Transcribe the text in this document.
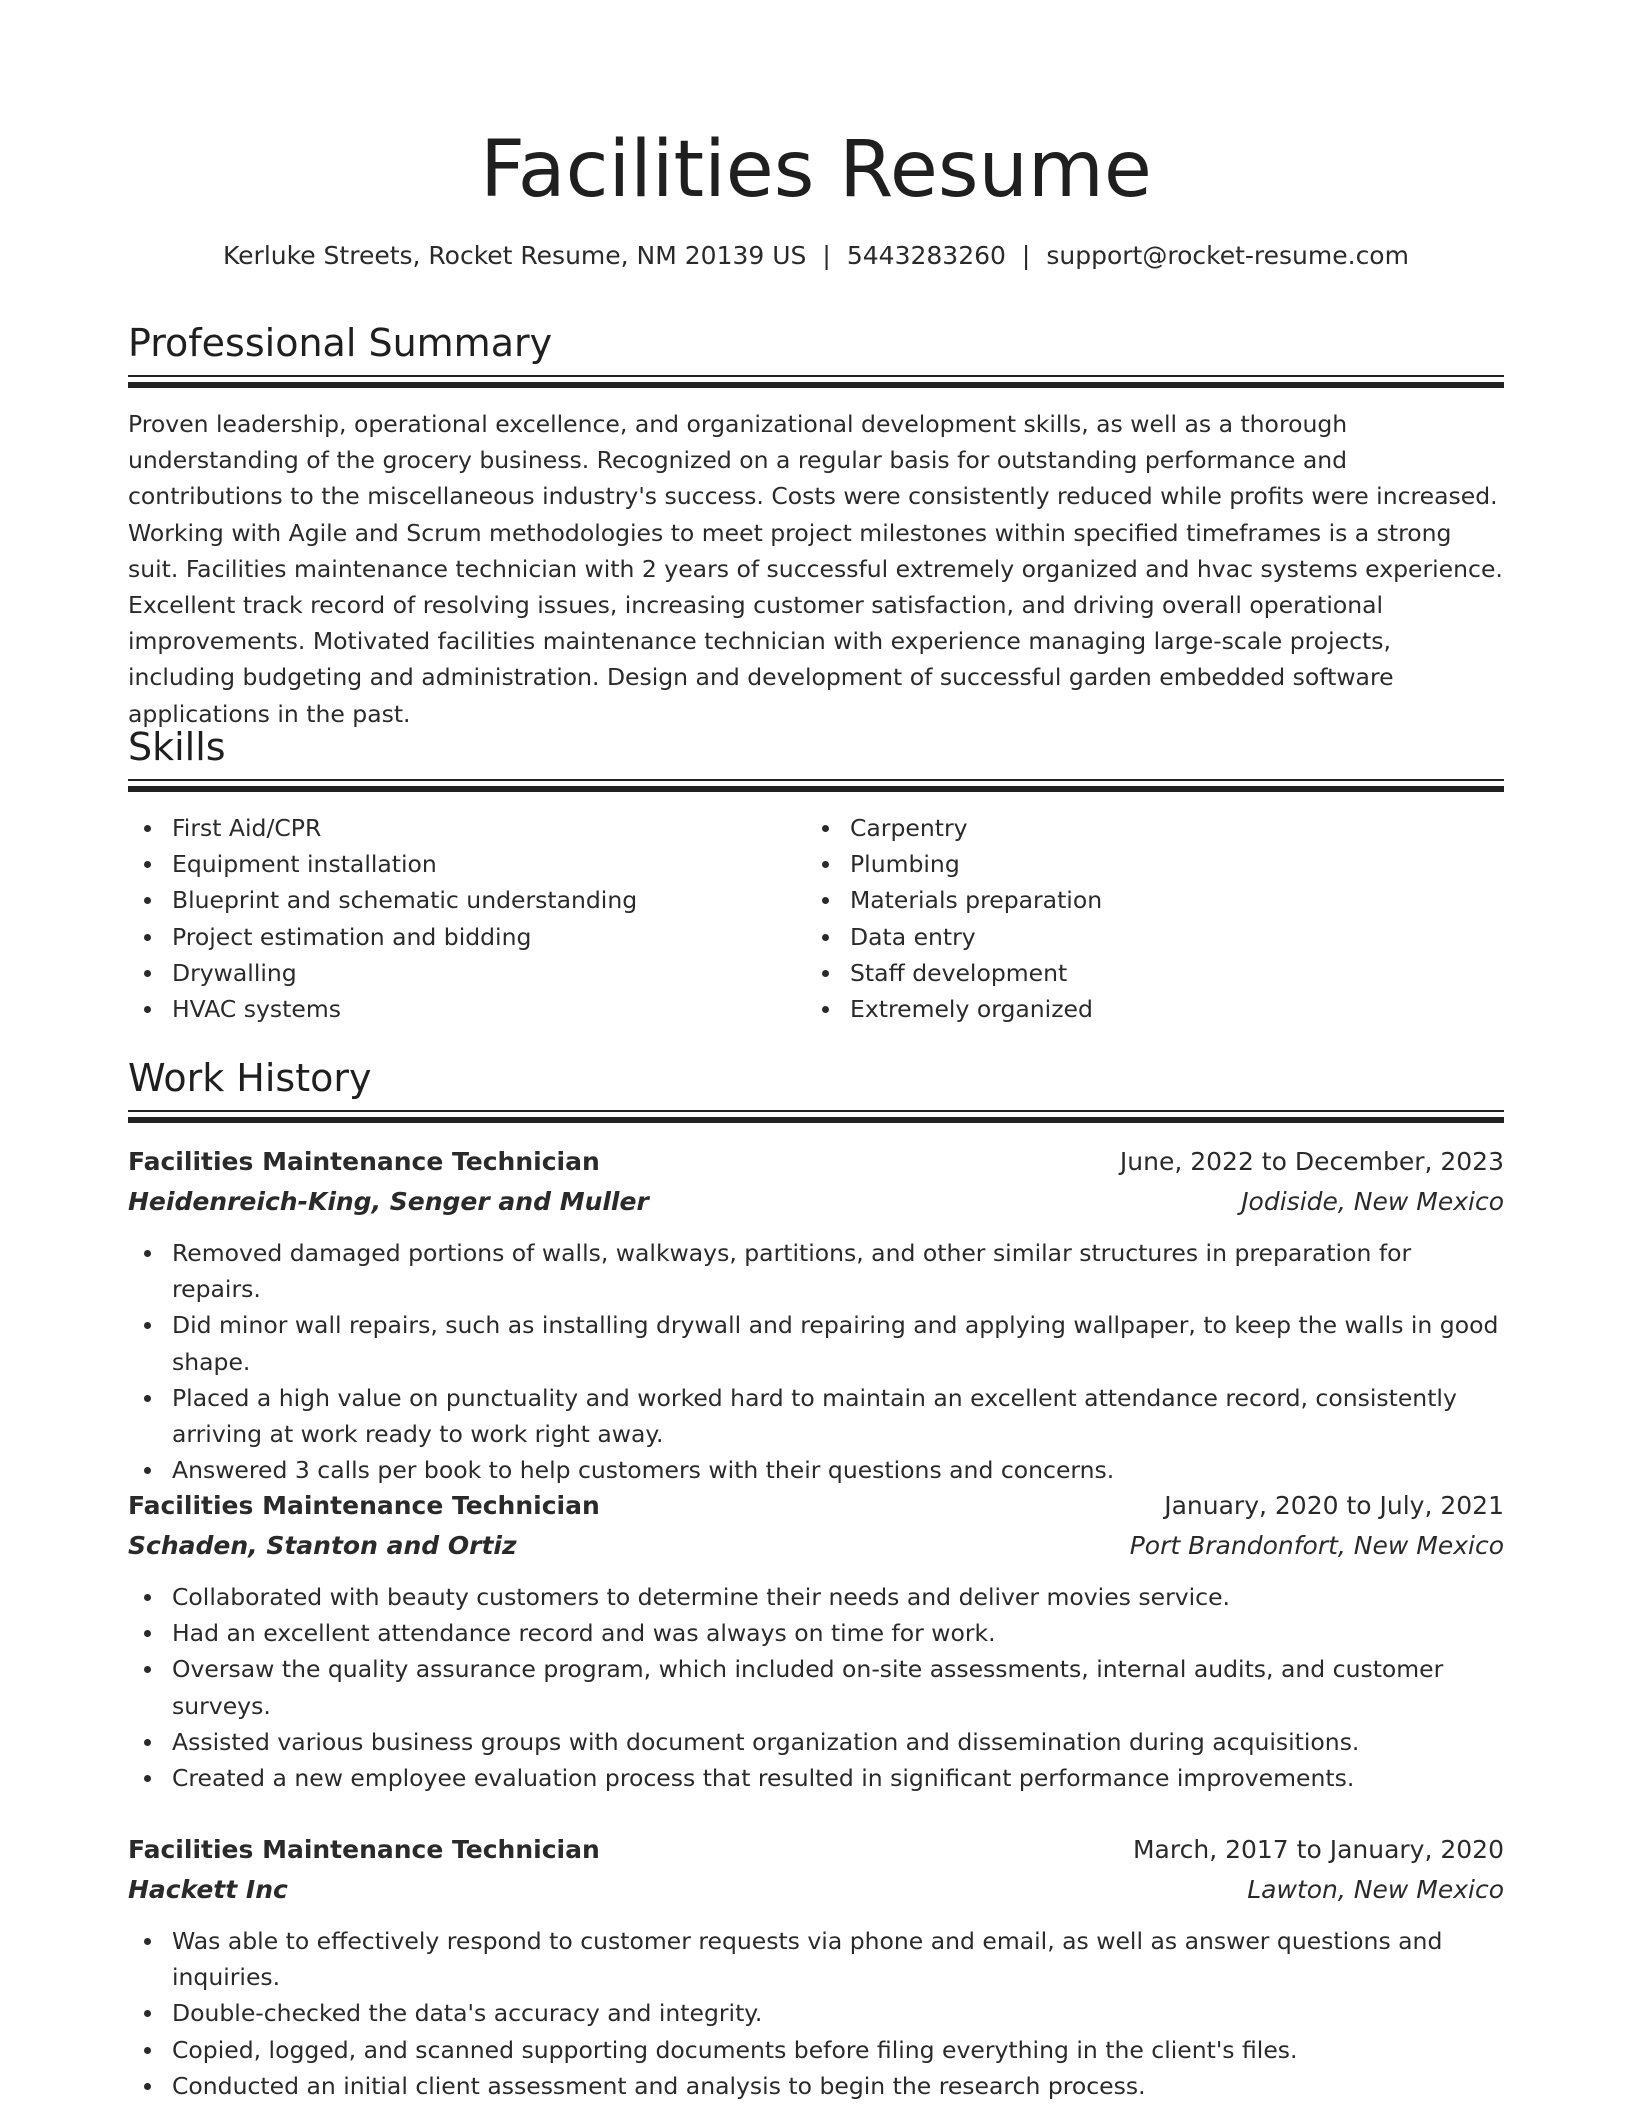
Facilities Resume
Kerluke Streets, Rocket Resume, NM 20139 US | 5443283260 | support@rocket-resume.com
Professional Summary

Proven leadership, operational excellence, and organizational development skills, as well as a thorough understanding of the grocery business. Recognized on a regular basis for outstanding performance and contributions to the miscellaneous industry's success. Costs were consistently reduced while profits were increased. Working with Agile and Scrum methodologies to meet project milestones within specified timeframes is a strong suit. Facilities maintenance technician with 2 years of successful extremely organized and hvac systems experience. Excellent track record of resolving issues, increasing customer satisfaction, and driving overall operational improvements. Motivated facilities maintenance technician with experience managing large-scale projects, including budgeting and administration. Design and development of successful garden embedded software applications in the past.

Skills
First Aid/CPR
Equipment installation
Blueprint and schematic understanding
Project estimation and bidding
Drywalling
HVAC systems
Carpentry
Plumbing
Materials preparation
Data entry
Staff development
Extremely organized
Work History
Facilities Maintenance Technician	June, 2022 to December, 2023
Heidenreich-King, Senger and Muller	Jodiside, New Mexico
Removed damaged portions of walls, walkways, partitions, and other similar structures in preparation for repairs.
Did minor wall repairs, such as installing drywall and repairing and applying wallpaper, to keep the walls in good shape.
Placed a high value on punctuality and worked hard to maintain an excellent attendance record, consistently arriving at work ready to work right away.
Answered 3 calls per book to help customers with their questions and concerns.
Facilities Maintenance Technician	January, 2020 to July, 2021
Schaden, Stanton and Ortiz	Port Brandonfort, New Mexico
Collaborated with beauty customers to determine their needs and deliver movies service.
Had an excellent attendance record and was always on time for work.
Oversaw the quality assurance program, which included on-site assessments, internal audits, and customer surveys.
Assisted various business groups with document organization and dissemination during acquisitions.
Created a new employee evaluation process that resulted in significant performance improvements.
Facilities Maintenance Technician	March, 2017 to January, 2020
Hackett Inc	Lawton, New Mexico
Was able to effectively respond to customer requests via phone and email, as well as answer questions and inquiries.
Double-checked the data's accuracy and integrity.
Copied, logged, and scanned supporting documents before filing everything in the client's files.
Conducted an initial client assessment and analysis to begin the research process.
